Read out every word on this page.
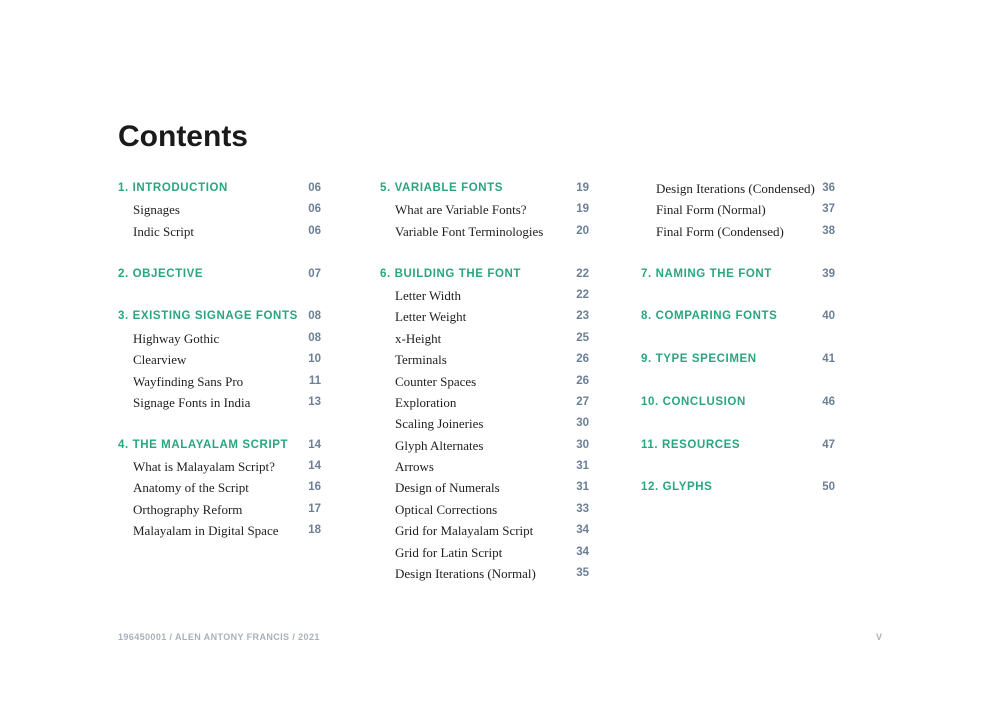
Contents
1. INTRODUCTION	06
Signages	06
Indic Script	06
2. OBJECTIVE	07
3. EXISTING SIGNAGE FONTS 08
Highway Gothic	08
Clearview	10
Wayfinding Sans Pro	11
Signage Fonts in India	13
4. THE MALAYALAM SCRIPT 14
What is Malayalam Script?	14
Anatomy of the Script	16
Orthography Reform	17
Malayalam in Digital Space	18
5. VARIABLE FONTS	19
What are Variable Fonts?	19
Variable Font Terminologies	20
6. BUILDING THE FONT	22
Letter Width	22
Letter Weight	23
x-Height	25
Terminals	26
Counter Spaces	26
Exploration	27
Scaling Joineries	30
Glyph Alternates	30
Arrows	31
Design of Numerals	31
Optical Corrections	33
Grid for Malayalam Script	34
Grid for Latin Script	34
Design Iterations (Normal)	35
Design Iterations (Condensed) 36
Final Form (Normal)	37
Final Form (Condensed)	38
7. NAMING THE FONT	39
8. COMPARING FONTS	40
9. TYPE SPECIMEN	41
10. CONCLUSION	46
11. RESOURCES	47
12. GLYPHS	50
196450001 / ALEN ANTONY FRANCIS / 2021	V
